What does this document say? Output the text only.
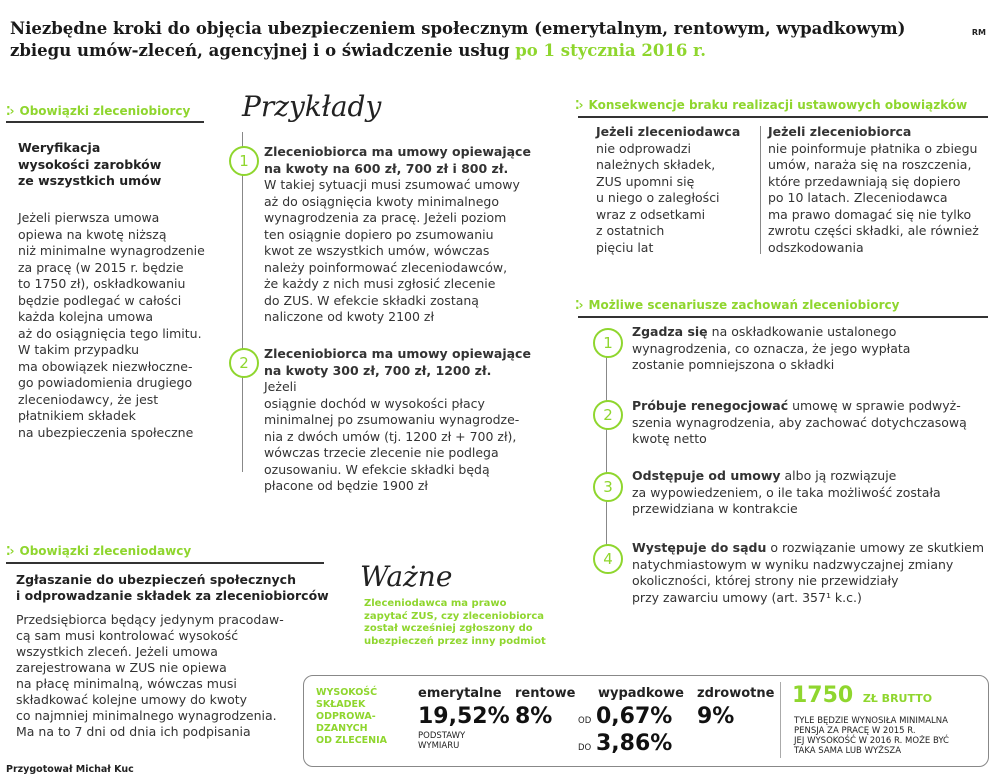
Niezbędne kroki do objęcia ubezpieczeniem społecznym (emerytalnym, rentowym, wypadkowym)
zbiegu umów-zleceń, agencyjnej i o świadczenie usług po 1 stycznia 2016 r.
RM
⁚› Obowiązki zleceniobiorcy
Weryfikacja
wysokości zarobków
ze wszystkich umów
Jeżeli pierwsza umowa
opiewa na kwotę niższą
niż minimalne wynagrodzenie
za pracę (w 2015 r. będzie
to 1750 zł), oskładkowaniu
będzie podlegać w całości
każda kolejna umowa
aż do osiągnięcia tego limitu.
W takim przypadku
ma obowiązek niezwłoczne-
go powiadomienia drugiego
zleceniodawcy, że jest
płatnikiem składek
na ubezpieczenia społeczne
Przykłady
1
Zleceniobiorca ma umowy opiewające
na kwoty na 600 zł, 700 zł i 800 zł.
W takiej sytuacji musi zsumować umowy
aż do osiągnięcia kwoty minimalnego
wynagrodzenia za pracę. Jeżeli poziom
ten osiągnie dopiero po zsumowaniu
kwot ze wszystkich umów, wówczas
należy poinformować zleceniodawców,
że każdy z nich musi zgłosić zlecenie
do ZUS. W efekcie składki zostaną
naliczone od kwoty 2100 zł
2
Zleceniobiorca ma umowy opiewające
na kwoty 300 zł, 700 zł, 1200 zł.
Jeżeli
osiągnie dochód w wysokości płacy
minimalnej po zsumowaniu wynagrodze-
nia z dwóch umów (tj. 1200 zł + 700 zł),
wówczas trzecie zlecenie nie podlega
ozusowaniu. W efekcie składki będą
płacone od będzie 1900 zł
⁚› Konsekwencje braku realizacji ustawowych obowiązków
Jeżeli zleceniodawca
nie odprowadzi
należnych składek,
ZUS upomni się
u niego o zaległości
wraz z odsetkami
z ostatnich
pięciu lat
Jeżeli zleceniobiorca
nie poinformuje płatnika o zbiegu
umów, naraża się na roszczenia,
które przedawniają się dopiero
po 10 latach. Zleceniodawca
ma prawo domagać się nie tylko
zwrotu części składki, ale również
odszkodowania
⁚› Możliwe scenariusze zachowań zleceniobiorcy
1
Zgadza się na oskładkowanie ustalonego
wynagrodzenia, co oznacza, że jego wypłata
zostanie pomniejszona o składki
2
Próbuje renegocjować umowę w sprawie podwyż-
szenia wynagrodzenia, aby zachować dotychczasową
kwotę netto
3
Odstępuje od umowy albo ją rozwiązuje
za wypowiedzeniem, o ile taka możliwość została
przewidziana w kontrakcie
4
Występuje do sądu o rozwiązanie umowy ze skutkiem
natychmiastowym w wyniku nadzwyczajnej zmiany
okoliczności, której strony nie przewidziały
przy zawarciu umowy (art. 357¹ k.c.)
⁚› Obowiązki zleceniodawcy
Zgłaszanie do ubezpieczeń społecznych
i odprowadzanie składek za zleceniobiorców
Przedsiębiorca będący jedynym pracodaw-
cą sam musi kontrolować wysokość
wszystkich zleceń. Jeżeli umowa
zarejestrowana w ZUS nie opiewa
na płacę minimalną, wówczas musi
składkować kolejne umowy do kwoty
co najmniej minimalnego wynagrodzenia.
Ma na to 7 dni od dnia ich podpisania
Ważne
Zleceniodawca ma prawo
zapytać ZUS, czy zleceniobiorca
został wcześniej zgłoszony do
ubezpieczeń przez inny podmiot
WYSOKOŚĆ
SKŁADEK
ODPROWA-
DZANYCH
OD ZLECENIA
emerytalne
19,52%
PODSTAWY
WYMIARU
rentowe
8%
wypadkowe
OD 0,67%
DO 3,86%
zdrowotne
9%
1750 ZŁ BRUTTO
TYLE BĘDZIE WYNOSIŁA MINIMALNA
PENSJA ZA PRACĘ W 2015 R.
JEJ WYSOKOŚĆ W 2016 R. MOŻE BYĆ
TAKA SAMA LUB WYŻSZA
Przygotował Michał Kuc
